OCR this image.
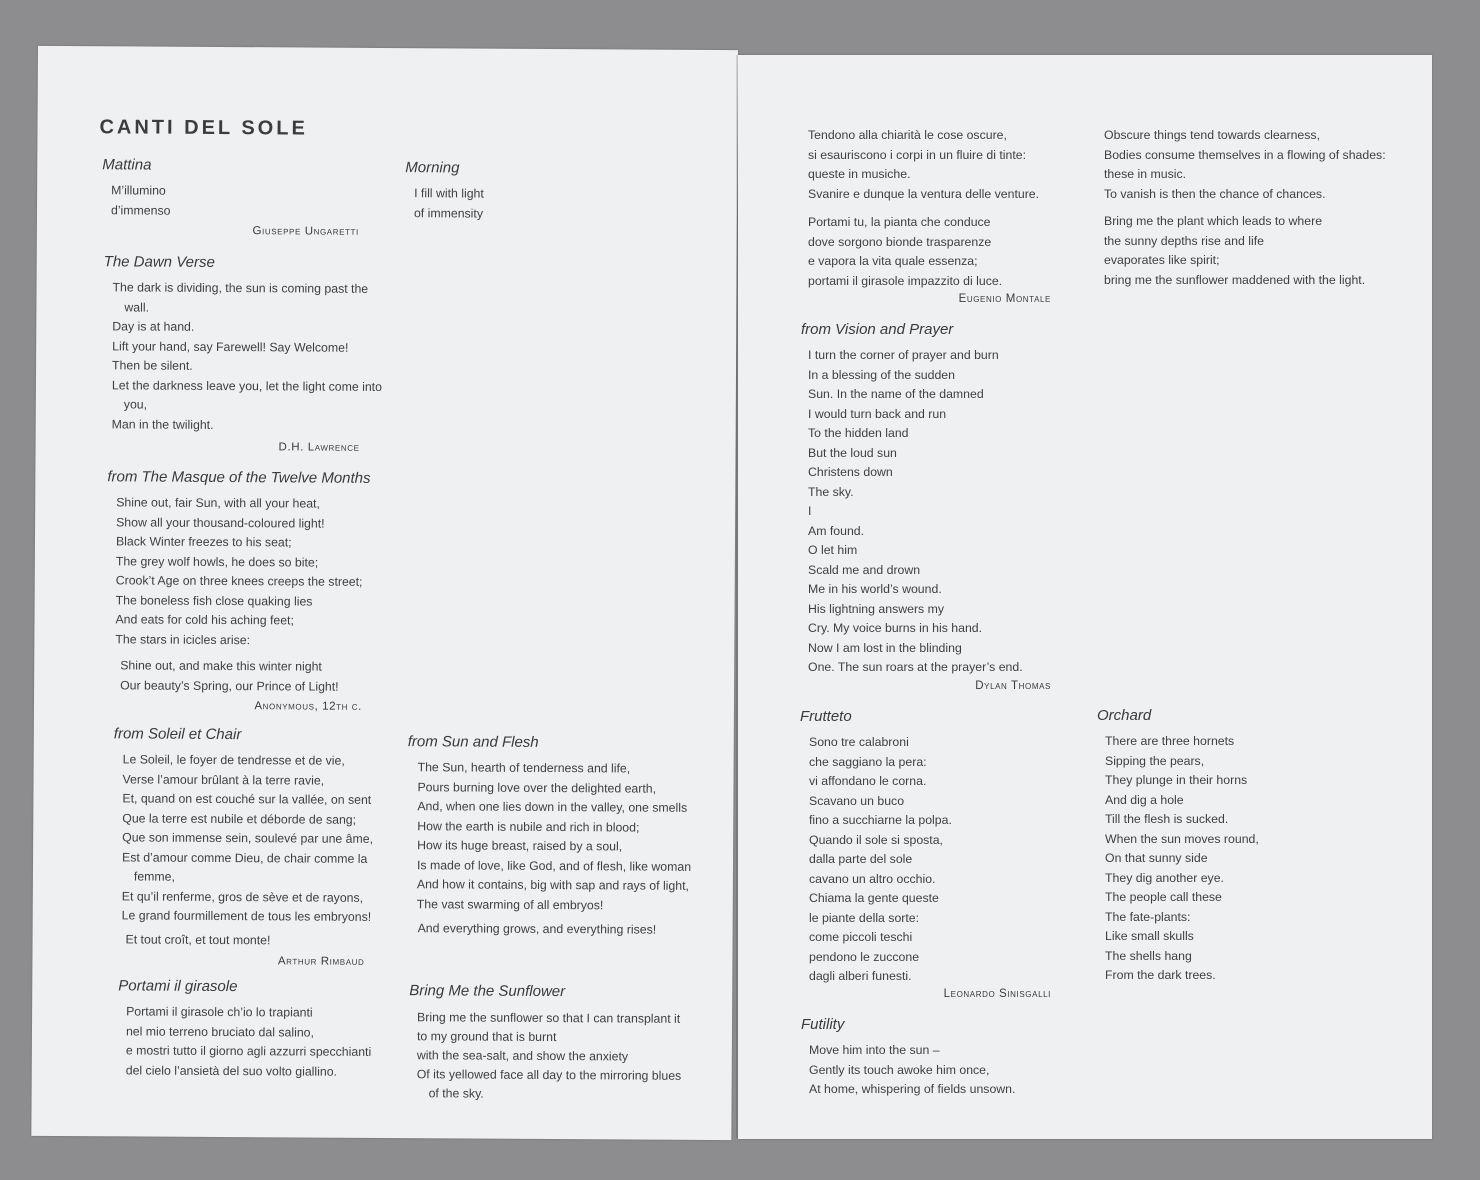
CANTI DEL SOLE
Mattina
M’illumino
d’immenso
Giuseppe Ungaretti
Morning
I fill with light
of immensity
The Dawn Verse
The dark is dividing, the sun is coming past the
wall.
Day is at hand.
Lift your hand, say Farewell! Say Welcome!
Then be silent.
Let the darkness leave you, let the light come into
you,
Man in the twilight.
D.H. Lawrence
from The Masque of the Twelve Months
Shine out, fair Sun, with all your heat,
Show all your thousand-coloured light!
Black Winter freezes to his seat;
The grey wolf howls, he does so bite;
Crook’t Age on three knees creeps the street;
The boneless fish close quaking lies
And eats for cold his aching feet;
The stars in icicles arise:
Shine out, and make this winter night
Our beauty’s Spring, our Prince of Light!
Anonymous, 12th c.
from Soleil et Chair
Le Soleil, le foyer de tendresse et de vie,
Verse l’amour brûlant à la terre ravie,
Et, quand on est couché sur la vallée, on sent
Que la terre est nubile et déborde de sang;
Que son immense sein, soulevé par une âme,
Est d’amour comme Dieu, de chair comme la
femme,
Et qu’il renferme, gros de sève et de rayons,
Le grand fourmillement de tous les embryons!
Et tout croît, et tout monte!
Arthur Rimbaud
from Sun and Flesh
The Sun, hearth of tenderness and life,
Pours burning love over the delighted earth,
And, when one lies down in the valley, one smells
How the earth is nubile and rich in blood;
How its huge breast, raised by a soul,
Is made of love, like God, and of flesh, like woman
And how it contains, big with sap and rays of light,
The vast swarming of all embryos!
And everything grows, and everything rises!
Portami il girasole
Portami il girasole ch’io lo trapianti
nel mio terreno bruciato dal salino,
e mostri tutto il giorno agli azzurri specchianti
del cielo l’ansietà del suo volto giallino.
Bring Me the Sunflower
Bring me the sunflower so that I can transplant it
to my ground that is burnt
with the sea-salt, and show the anxiety
Of its yellowed face all day to the mirroring blues
of the sky.
Tendono alla chiarità le cose oscure,
si esauriscono i corpi in un fluire di tinte:
queste in musiche.
Svanire e dunque la ventura delle venture.
Portami tu, la pianta che conduce
dove sorgono bionde trasparenze
e vapora la vita quale essenza;
portami il girasole impazzito di luce.
Eugenio Montale
Obscure things tend towards clearness,
Bodies consume themselves in a flowing of shades:
these in music.
To vanish is then the chance of chances.
Bring me the plant which leads to where
the sunny depths rise and life
evaporates like spirit;
bring me the sunflower maddened with the light.
from Vision and Prayer
I turn the corner of prayer and burn
In a blessing of the sudden
Sun. In the name of the damned
I would turn back and run
To the hidden land
But the loud sun
Christens down
The sky.
I
Am found.
O let him
Scald me and drown
Me in his world’s wound.
His lightning answers my
Cry. My voice burns in his hand.
Now I am lost in the blinding
One. The sun roars at the prayer’s end.
Dylan Thomas
Frutteto
Sono tre calabroni
che saggiano la pera:
vi affondano le corna.
Scavano un buco
fino a succhiarne la polpa.
Quando il sole si sposta,
dalla parte del sole
cavano un altro occhio.
Chiama la gente queste
le piante della sorte:
come piccoli teschi
pendono le zuccone
dagli alberi funesti.
Leonardo Sinisgalli
Orchard
There are three hornets
Sipping the pears,
They plunge in their horns
And dig a hole
Till the flesh is sucked.
When the sun moves round,
On that sunny side
They dig another eye.
The people call these
The fate-plants:
Like small skulls
The shells hang
From the dark trees.
Futility
Move him into the sun –
Gently its touch awoke him once,
At home, whispering of fields unsown.
